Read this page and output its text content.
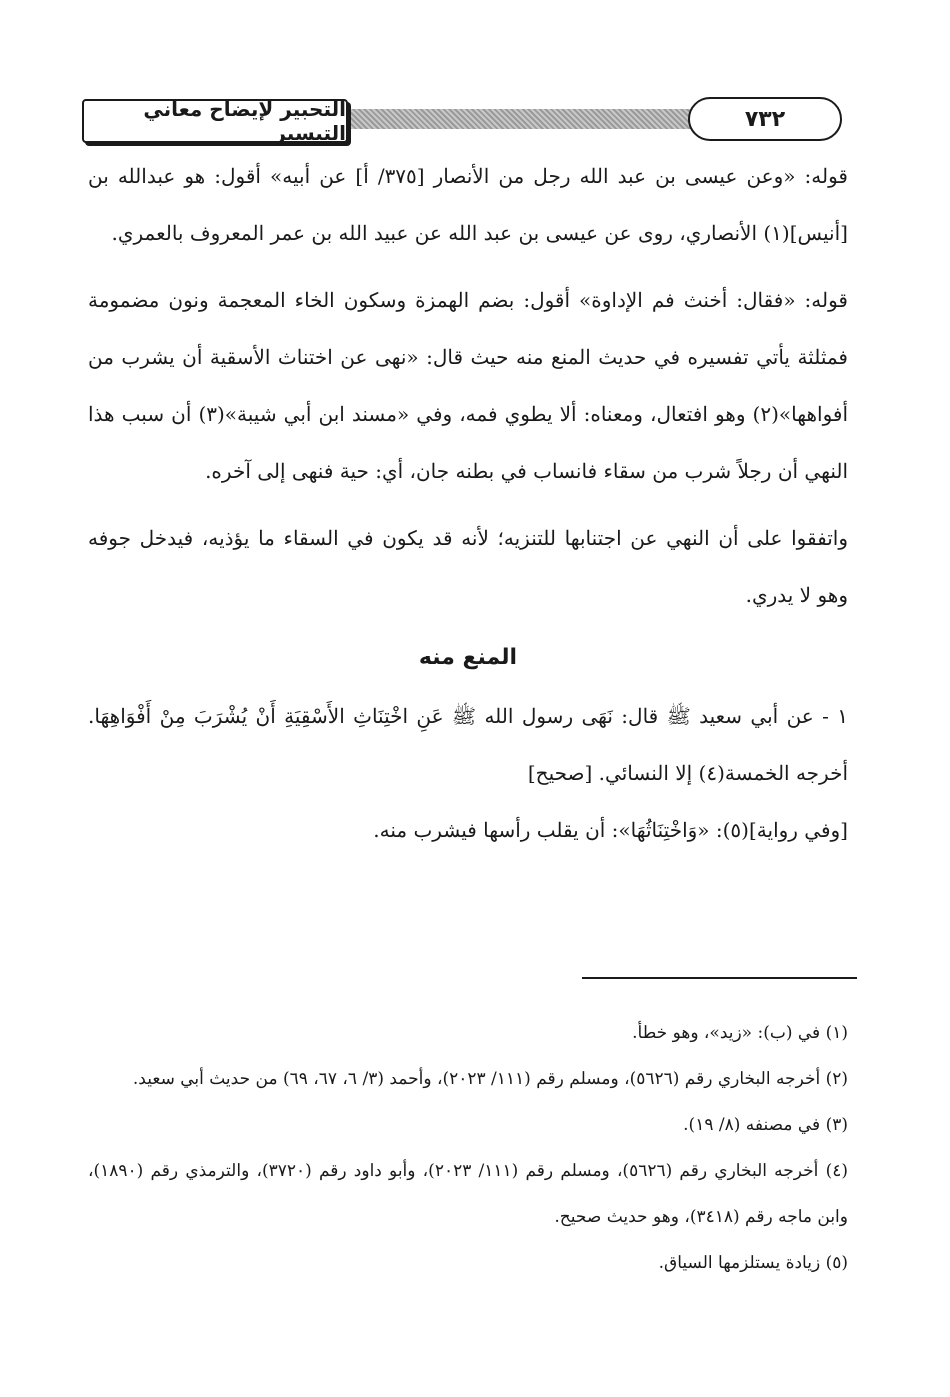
التحبير لإيضاح معاني التيسير
٧٣٢

قوله: «وعن عيسى بن عبد الله رجل من الأنصار [٣٧٥/ أ] عن أبيه» أقول: هو عبدالله بن [أنيس](١) الأنصاري، روى عن عيسى بن عبد الله عن عبيد الله بن عمر المعروف بالعمري.

قوله: «فقال: أخنث فم الإداوة» أقول: بضم الهمزة وسكون الخاء المعجمة ونون مضمومة فمثلثة يأتي تفسيره في حديث المنع منه حيث قال: «نهى عن اختناث الأسقية أن يشرب من أفواهها»(٢) وهو افتعال، ومعناه: ألا يطوي فمه، وفي «مسند ابن أبي شيبة»(٣) أن سبب هذا النهي أن رجلاً شرب من سقاء فانساب في بطنه جان، أي: حية فنهى إلى آخره.

واتفقوا على أن النهي عن اجتنابها للتنزيه؛ لأنه قد يكون في السقاء ما يؤذيه، فيدخل جوفه وهو لا يدري.

المنع منه

١ - عن أبي سعيد ﷺ قال: نَهَى رسول الله ﷺ عَنِ اخْتِنَاثِ الأَسْقِيَةِ أَنْ يُشْرَبَ مِنْ أَفْوَاهِهَا. أخرجه الخمسة(٤) إلا النسائي. [صحيح]

[وفي رواية](٥): «وَاخْتِنَاثُهَا»: أن يقلب رأسها فيشرب منه.

(١) في (ب): «زيد»، وهو خطأ.

(٢) أخرجه البخاري رقم (٥٦٢٦)، ومسلم رقم (١١١/ ٢٠٢٣)، وأحمد (٣/ ٦، ٦٧، ٦٩) من حديث أبي سعيد.

(٣) في مصنفه (٨/ ١٩).

(٤) أخرجه البخاري رقم (٥٦٢٦)، ومسلم رقم (١١١/ ٢٠٢٣)، وأبو داود رقم (٣٧٢٠)، والترمذي رقم (١٨٩٠)، وابن ماجه رقم (٣٤١٨)، وهو حديث صحيح.

(٥) زيادة يستلزمها السياق.
